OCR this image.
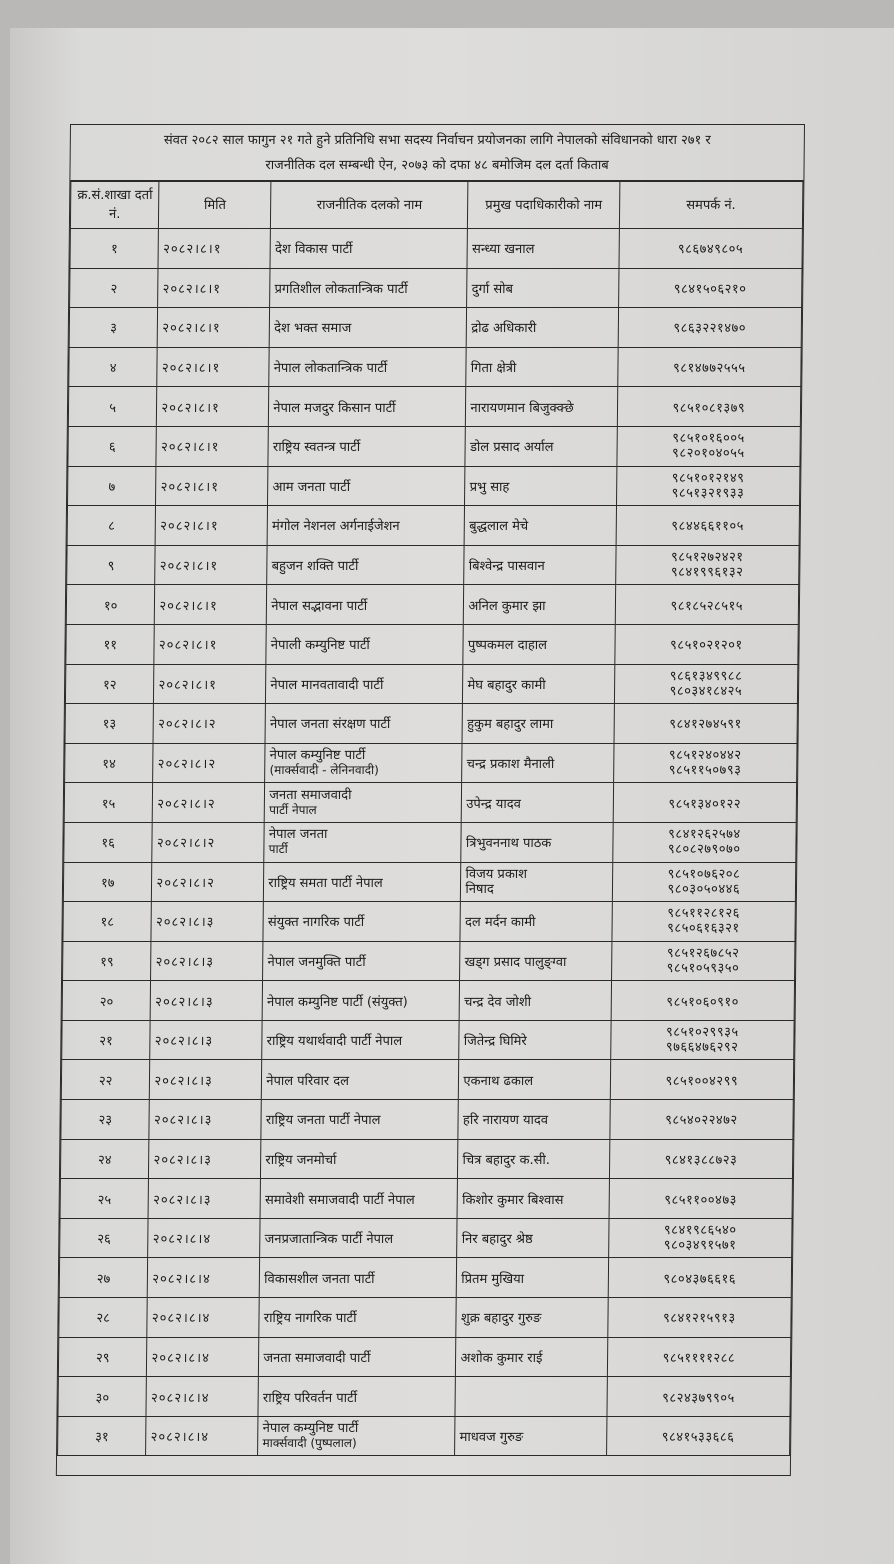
संवत २०८२ साल फागुन २१ गते हुने प्रतिनिधि सभा सदस्य निर्वाचन प्रयोजनका लागि नेपालको संविधानको धारा २७१ र
राजनीतिक दल सम्बन्धी ऐन, २०७३ को दफा ४८ बमोजिम दल दर्ता किताब
क्र.सं.शाखा दर्ता नं.	मिति	राजनीतिक दलको नाम	प्रमुख पदाधिकारीको नाम	समपर्क नं.

१	२०८२।८।१	देश विकास पार्टी	सन्ध्या खनाल	९८६७४९८०५

२	२०८२।८।१	प्रगतिशील लोकतान्त्रिक पार्टी	दुर्गा सोब	९८४१५०६२१०

३	२०८२।८।१	देश भक्त समाज	द्रोढ अधिकारी	९८६३२२१४७०

४	२०८२।८।१	नेपाल लोकतान्त्रिक पार्टी	गिता क्षेत्री	९८१४७७२५५५

५	२०८२।८।१	नेपाल मजदुर किसान पार्टी	नारायणमान बिजुक्क्छे	९८५१०८१३७९

६	२०८२।८।१	राष्ट्रिय स्वतन्त्र पार्टी	डोल प्रसाद अर्याल	९८५१०१६००५
९८२०१०४०५५

७	२०८२।८।१	आम जनता पार्टी	प्रभु साह	९८५१०१२१४९
९८५१३२१९३३

८	२०८२।८।१	मंगोल नेशनल अर्गनाईजेशन	बुद्धलाल मेचे	९८४४६६११०५

९	२०८२।८।१	बहुजन शक्ति पार्टी	बिश्वेन्द्र पासवान	९८५१२७२४२१
९८४१९९६१३२

१०	२०८२।८।१	नेपाल सद्भावना पार्टी	अनिल कुमार झा	९८१८५२८५१५

११	२०८२।८।१	नेपाली कम्युनिष्ट पार्टी	पुष्पकमल दाहाल	९८५१०२१२०१

१२	२०८२।८।१	नेपाल मानवतावादी पार्टी	मेघ बहादुर कामी	९८६१३४९९८८
९८०३४१८४२५

१३	२०८२।८।२	नेपाल जनता संरक्षण पार्टी	हुकुम बहादुर लामा	९८४१२७४५९१

१४	२०८२।८।२	नेपाल कम्युनिष्ट पार्टी
(मार्क्सवादी - लेनिनवादी)	चन्द्र प्रकाश मैनाली	९८५१२४०४४२
९८५११५०७९३

१५	२०८२।८।२	जनता समाजवादी
पार्टी नेपाल	उपेन्द्र यादव	९८५१३४०१२२

१६	२०८२।८।२	नेपाल जनता
पार्टी	त्रिभुवननाथ पाठक	९८४१२६२५७४
९८०८२७९०७०

१७	२०८२।८।२	राष्ट्रिय समता पार्टी नेपाल	विजय प्रकाश
निषाद	९८५१०७६२०८
९८०३०५०४४६

१८	२०८२।८।३	संयुक्त नागरिक पार्टी	दल मर्दन कामी	९८५११२८१२६
९८५०६१६३२१

१९	२०८२।८।३	नेपाल जनमुक्ति पार्टी	खड्ग प्रसाद पालुङ्ग्वा	९८५१२६७८५२
९८५१०५९३५०

२०	२०८२।८।३	नेपाल कम्युनिष्ट पार्टी (संयुक्त)	चन्द्र देव जोशी	९८५१०६०९१०

२१	२०८२।८।३	राष्ट्रिय यथार्थवादी पार्टी नेपाल	जितेन्द्र घिमिरे	९८५१०२९९३५
९७६६४७६२९२

२२	२०८२।८।३	नेपाल परिवार दल	एकनाथ ढकाल	९८५१००४२९९

२३	२०८२।८।३	राष्ट्रिय जनता पार्टी नेपाल	हरि नारायण यादव	९८५४०२२४७२

२४	२०८२।८।३	राष्ट्रिय जनमोर्चा	चित्र बहादुर क.सी.	९८४१३८८७२३

२५	२०८२।८।३	समावेशी समाजवादी पार्टी नेपाल	किशोर कुमार बिश्वास	९८५११००४७३

२६	२०८२।८।४	जनप्रजातान्त्रिक पार्टी नेपाल	निर बहादुर श्रेष्ठ	९८४१९८६५४०
९८०३४९१५७१

२७	२०८२।८।४	विकासशील जनता पार्टी	प्रितम मुखिया	९८०४३७६६१६

२८	२०८२।८।४	राष्ट्रिय नागरिक पार्टी	शुक्र बहादुर गुरुङ	९८४१२१५९१३

२९	२०८२।८।४	जनता समाजवादी पार्टी	अशोक कुमार राई	९८५११११२८८

३०	२०८२।८।४	राष्ट्रिय परिवर्तन पार्टी		९८२४३७९९०५

३१	२०८२।८।४	नेपाल कम्युनिष्ट पार्टी
मार्क्सवादी (पुष्पलाल)	माधवज गुरुङ	९८४१५३३६८६
